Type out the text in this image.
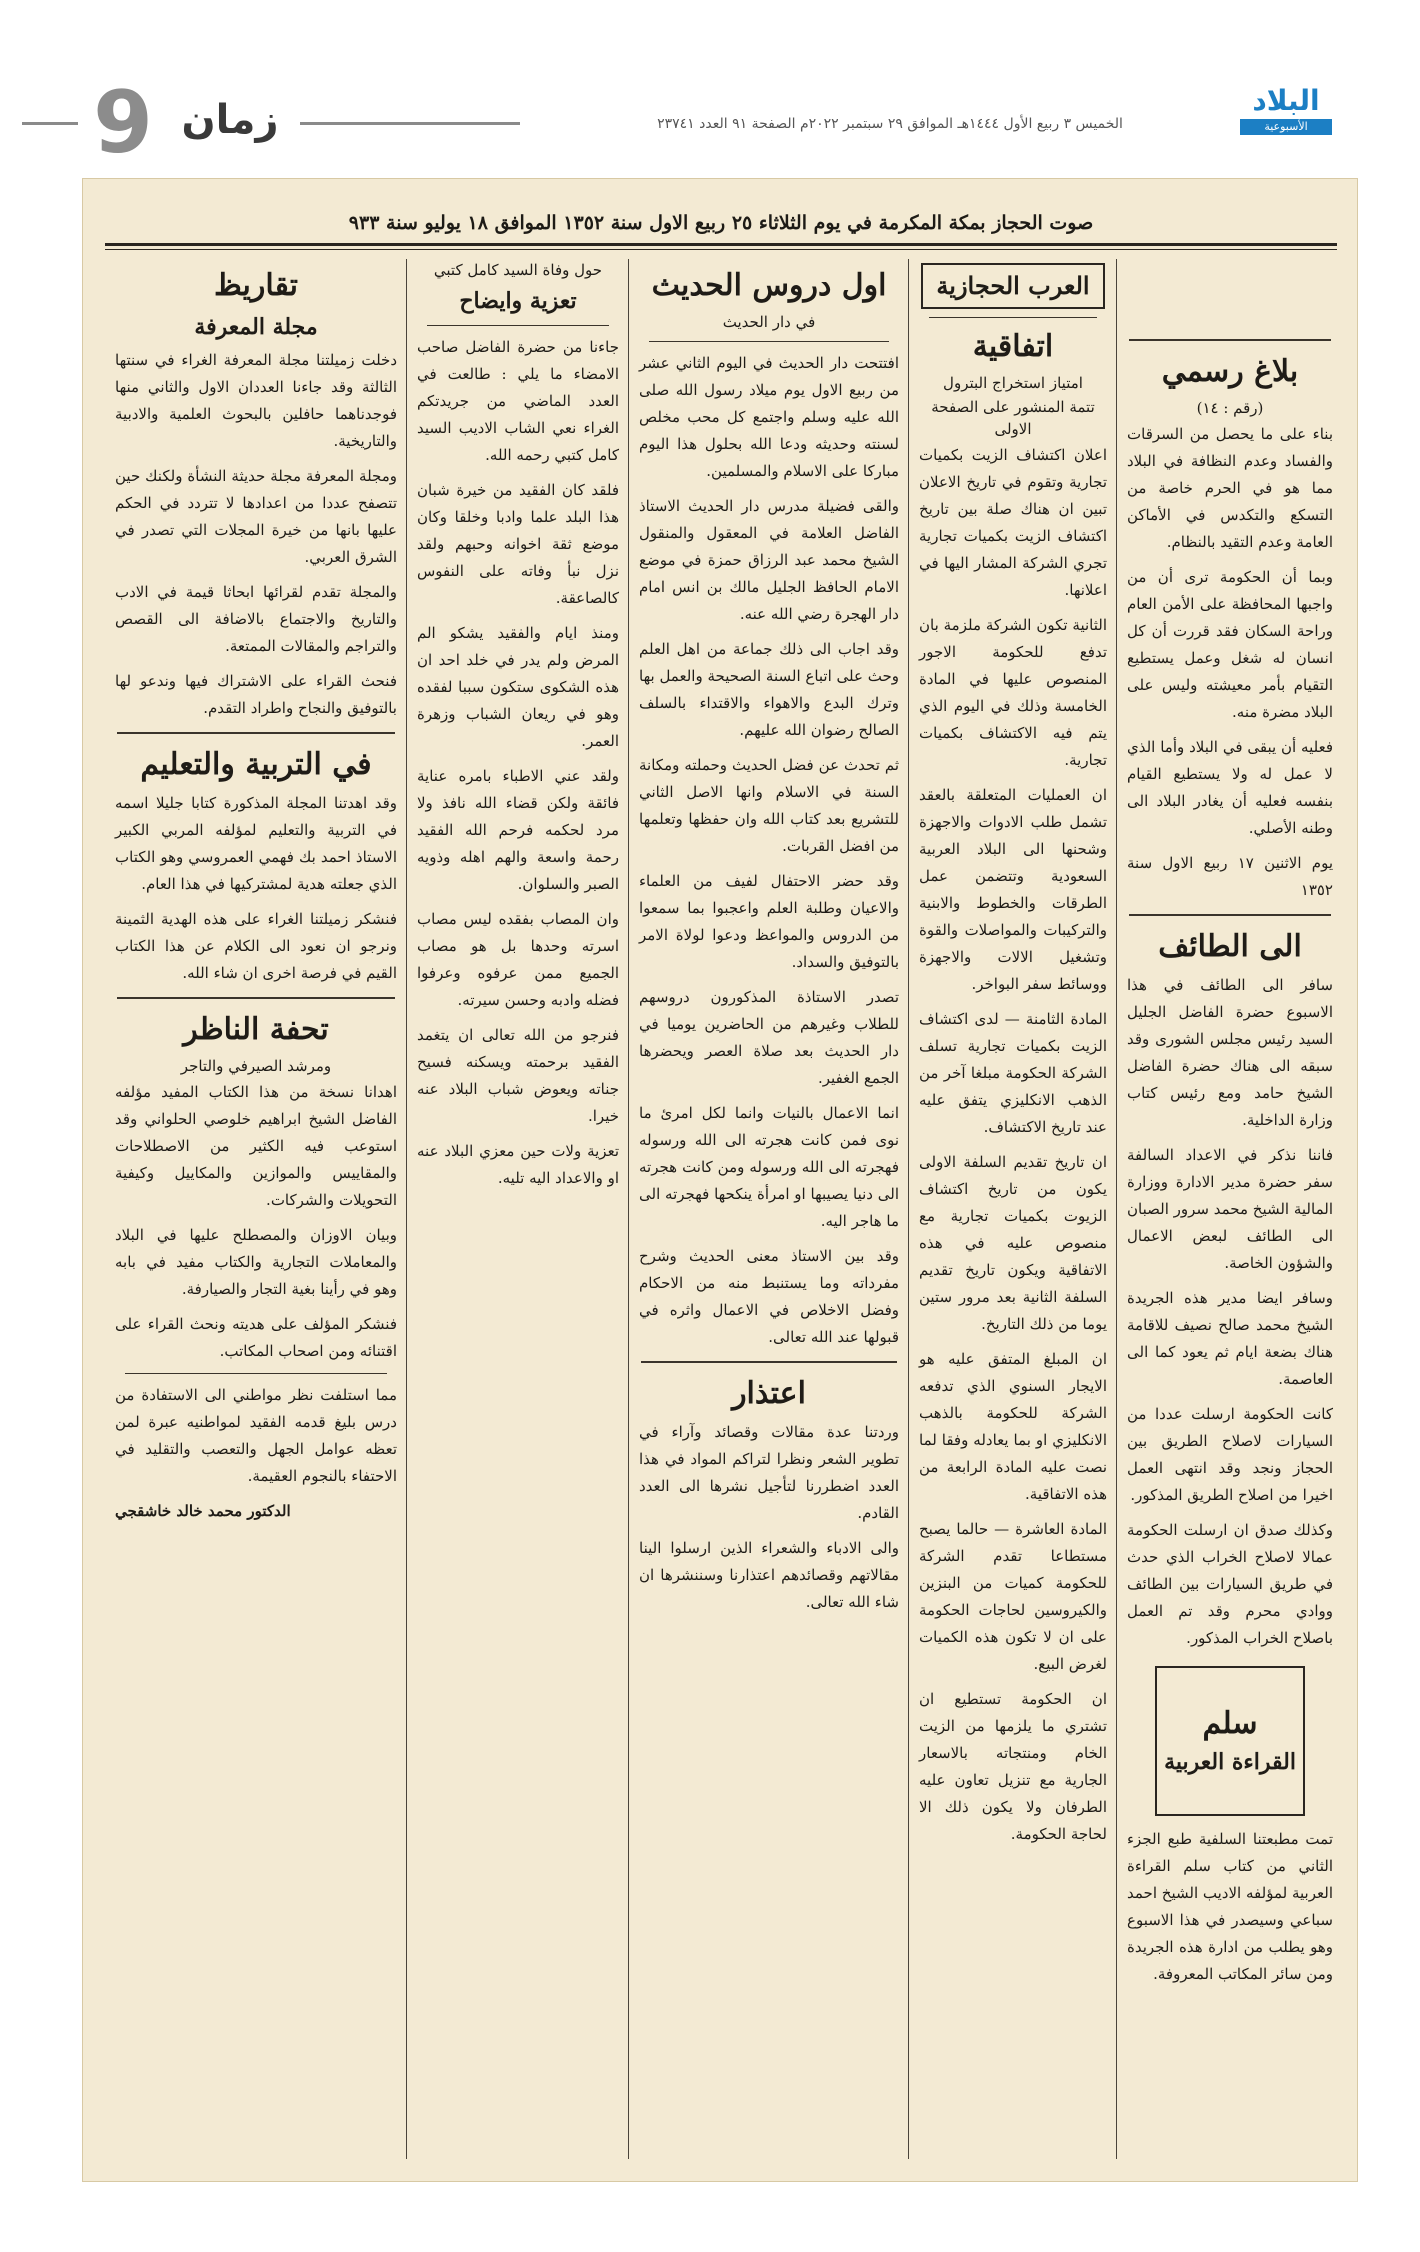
9 زمان	الخميس ٣ ربيع الأول ١٤٤٤هـ الموافق ٢٩ سبتمبر ٢٠٢٢م الصفحة ٩١ العدد ٢٣٧٤١
البلاد
الأسبوعية
صوت الحجاز بمكة المكرمة في يوم الثلاثاء ٢٥ ربيع الاول سنة ١٣٥٢ الموافق ١٨ يوليو سنة ٩٣٣
بلاغ رسمي
(رقم : ١٤)

بناء على ما يحصل من السرقات والفساد وعدم النظافة في البلاد مما هو في الحرم خاصة من التسكع والتكدس في الأماكن العامة وعدم التقيد بالنظام.

وبما أن الحكومة ترى أن من واجبها المحافظة على الأمن العام وراحة السكان فقد قررت أن كل انسان له شغل وعمل يستطيع التقيام بأمر معيشته وليس على البلاد مضرة منه.

فعليه أن يبقى في البلاد وأما الذي لا عمل له ولا يستطيع القيام بنفسه فعليه أن يغادر البلاد الى وطنه الأصلي.

يوم الاثنين ١٧ ربيع الاول سنة ١٣٥٢

الى الطائف

سافر الى الطائف في هذا الاسبوع حضرة الفاضل الجليل السيد رئيس مجلس الشورى وقد سبقه الى هناك حضرة الفاضل الشيخ حامد ومع رئيس كتاب وزارة الداخلية.

فاننا نذكر في الاعداد السالفة سفر حضرة مدير الادارة ووزارة المالية الشيخ محمد سرور الصبان الى الطائف لبعض الاعمال والشؤون الخاصة.

وسافر ايضا مدير هذه الجريدة الشيخ محمد صالح نصيف للاقامة هناك بضعة ايام ثم يعود كما الى العاصمة.

كانت الحكومة ارسلت عددا من السيارات لاصلاح الطريق بين الحجاز ونجد وقد انتهى العمل اخيرا من اصلاح الطريق المذكور.

وكذلك صدق ان ارسلت الحكومة عمالا لاصلاح الخراب الذي حدث في طريق السيارات بين الطائف ووادي محرم وقد تم العمل باصلاح الخراب المذكور.

سلم
القراءة العربية

تمت مطبعتنا السلفية طبع الجزء الثاني من كتاب سلم القراءة العربية لمؤلفه الاديب الشيخ احمد سباعي وسيصدر في هذا الاسبوع وهو يطلب من ادارة هذه الجريدة ومن سائر المكاتب المعروفة.

العرب الحجازية
اتفاقية
امتياز استخراج البترول
تتمة المنشور على الصفحة الاولى

اعلان اكتشاف الزيت بكميات تجارية وتقوم في تاريخ الاعلان تبين ان هناك صلة بين تاريخ اكتشاف الزيت بكميات تجارية تجري الشركة المشار اليها في اعلانها.

الثانية تكون الشركة ملزمة بان تدفع للحكومة الاجور المنصوص عليها في المادة الخامسة وذلك في اليوم الذي يتم فيه الاكتشاف بكميات تجارية.

ان العمليات المتعلقة بالعقد تشمل طلب الادوات والاجهزة وشحنها الى البلاد العربية السعودية وتتضمن عمل الطرقات والخطوط والابنية والتركيبات والمواصلات والقوة وتشغيل الالات والاجهزة ووسائط سفر البواخر.

المادة الثامنة — لدى اكتشاف الزيت بكميات تجارية تسلف الشركة الحكومة مبلغا آخر من الذهب الانكليزي يتفق عليه عند تاريخ الاكتشاف.

ان تاريخ تقديم السلفة الاولى يكون من تاريخ اكتشاف الزيوت بكميات تجارية مع منصوص عليه في هذه الاتفاقية ويكون تاريخ تقديم السلفة الثانية بعد مرور ستين يوما من ذلك التاريخ.

ان المبلغ المتفق عليه هو الايجار السنوي الذي تدفعه الشركة للحكومة بالذهب الانكليزي او بما يعادله وفقا لما نصت عليه المادة الرابعة من هذه الاتفاقية.

المادة العاشرة — حالما يصبح مستطاعا تقدم الشركة للحكومة كميات من البنزين والكيروسين لحاجات الحكومة على ان لا تكون هذه الكميات لغرض البيع.

ان الحكومة تستطيع ان تشتري ما يلزمها من الزيت الخام ومنتجاته بالاسعار الجارية مع تنزيل تعاون عليه الطرفان ولا يكون ذلك الا لحاجة الحكومة.

اول دروس الحديث
في دار الحديث

افتتحت دار الحديث في اليوم الثاني عشر من ربيع الاول يوم ميلاد رسول الله صلى الله عليه وسلم واجتمع كل محب مخلص لسنته وحديثه ودعا الله بحلول هذا اليوم مباركا على الاسلام والمسلمين.

والقى فضيلة مدرس دار الحديث الاستاذ الفاضل العلامة في المعقول والمنقول الشيخ محمد عبد الرزاق حمزة في موضع الامام الحافظ الجليل مالك بن انس امام دار الهجرة رضي الله عنه.

وقد اجاب الى ذلك جماعة من اهل العلم وحث على اتباع السنة الصحيحة والعمل بها وترك البدع والاهواء والاقتداء بالسلف الصالح رضوان الله عليهم.

ثم تحدث عن فضل الحديث وحملته ومكانة السنة في الاسلام وانها الاصل الثاني للتشريع بعد كتاب الله وان حفظها وتعلمها من افضل القربات.

وقد حضر الاحتفال لفيف من العلماء والاعيان وطلبة العلم واعجبوا بما سمعوا من الدروس والمواعظ ودعوا لولاة الامر بالتوفيق والسداد.

تصدر الاستاذة المذكورون دروسهم للطلاب وغيرهم من الحاضرين يوميا في دار الحديث بعد صلاة العصر ويحضرها الجمع الغفير.

انما الاعمال بالنيات وانما لكل امرئ ما نوى فمن كانت هجرته الى الله ورسوله فهجرته الى الله ورسوله ومن كانت هجرته الى دنيا يصيبها او امرأة ينكحها فهجرته الى ما هاجر اليه.

وقد بين الاستاذ معنى الحديث وشرح مفرداته وما يستنبط منه من الاحكام وفضل الاخلاص في الاعمال واثره في قبولها عند الله تعالى.

اعتذار

وردتنا عدة مقالات وقصائد وآراء في تطوير الشعر ونظرا لتراكم المواد في هذا العدد اضطررنا لتأجيل نشرها الى العدد القادم.

والى الادباء والشعراء الذين ارسلوا الينا مقالاتهم وقصائدهم اعتذارنا وسننشرها ان شاء الله تعالى.

حول وفاة السيد كامل كتبي
تعزية وايضاح

جاءنا من حضرة الفاضل صاحب الامضاء ما يلي : طالعت في العدد الماضي من جريدتكم الغراء نعي الشاب الاديب السيد كامل كتبي رحمه الله.

فلقد كان الفقيد من خيرة شبان هذا البلد علما وادبا وخلقا وكان موضع ثقة اخوانه وحبهم ولقد نزل نبأ وفاته على النفوس كالصاعقة.

ومنذ ايام والفقيد يشكو الم المرض ولم يدر في خلد احد ان هذه الشكوى ستكون سببا لفقده وهو في ريعان الشباب وزهرة العمر.

ولقد عني الاطباء بامره عناية فائقة ولكن قضاء الله نافذ ولا مرد لحكمه فرحم الله الفقيد رحمة واسعة والهم اهله وذويه الصبر والسلوان.

وان المصاب بفقده ليس مصاب اسرته وحدها بل هو مصاب الجميع ممن عرفوه وعرفوا فضله وادبه وحسن سيرته.

فنرجو من الله تعالى ان يتغمد الفقيد برحمته ويسكنه فسيح جناته ويعوض شباب البلاد عنه خيرا.

تعزية ولات حين معزي البلاد عنه او والاعداد اليه تليه.

تقاريظ
مجلة المعرفة

دخلت زميلتنا مجلة المعرفة الغراء في سنتها الثالثة وقد جاءنا العددان الاول والثاني منها فوجدناهما حافلين بالبحوث العلمية والادبية والتاريخية.

ومجلة المعرفة مجلة حديثة النشأة ولكنك حين تتصفح عددا من اعدادها لا تتردد في الحكم عليها بانها من خيرة المجلات التي تصدر في الشرق العربي.

والمجلة تقدم لقرائها ابحاثا قيمة في الادب والتاريخ والاجتماع بالاضافة الى القصص والتراجم والمقالات الممتعة.

فنحث القراء على الاشتراك فيها وندعو لها بالتوفيق والنجاح واطراد التقدم.

في التربية والتعليم

وقد اهدتنا المجلة المذكورة كتابا جليلا اسمه في التربية والتعليم لمؤلفه المربي الكبير الاستاذ احمد بك فهمي العمروسي وهو الكتاب الذي جعلته هدية لمشتركيها في هذا العام.

فنشكر زميلتنا الغراء على هذه الهدية الثمينة ونرجو ان نعود الى الكلام عن هذا الكتاب القيم في فرصة اخرى ان شاء الله.

تحفة الناظر
ومرشد الصيرفي والتاجر

اهدانا نسخة من هذا الكتاب المفيد مؤلفه الفاضل الشيخ ابراهيم خلوصي الحلواني وقد استوعب فيه الكثير من الاصطلاحات والمقاييس والموازين والمكاييل وكيفية التحويلات والشركات.

وبيان الاوزان والمصطلح عليها في البلاد والمعاملات التجارية والكتاب مفيد في بابه وهو في رأينا بغية التجار والصيارفة.

فنشكر المؤلف على هديته ونحث القراء على اقتنائه ومن اصحاب المكاتب.

مما استلفت نظر مواطني الى الاستفادة من درس بليغ قدمه الفقيد لمواطنيه عبرة لمن تعظه عوامل الجهل والتعصب والتقليد في الاحتفاء بالنجوم العقيمة.

الدكتور محمد خالد خاشقجي
